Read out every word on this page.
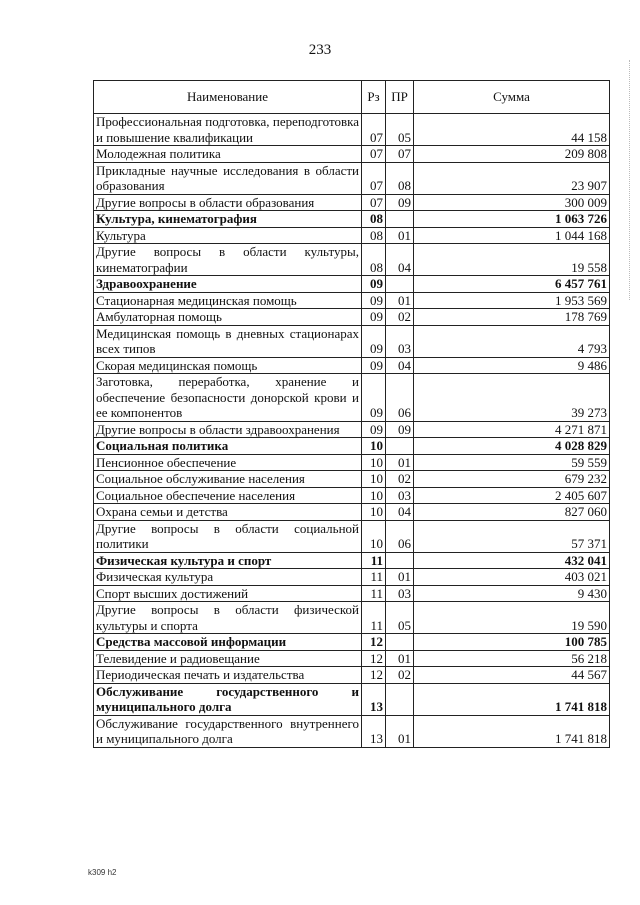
233
Наименование	Рз	ПР	Сумма
Профессиональная подготовка, переподготовка и повышение квалификации	07	05	44 158
Молодежная политика	07	07	209 808
Прикладные научные исследования в области образования	07	08	23 907
Другие вопросы в области образования	07	09	300 009
Культура, кинематография	08		1 063 726
Культура	08	01	1 044 168
Другие вопросы в области культуры, кинематографии	08	04	19 558
Здравоохранение	09		6 457 761
Стационарная медицинская помощь	09	01	1 953 569
Амбулаторная помощь	09	02	178 769
Медицинская помощь в дневных стационарах всех типов	09	03	4 793
Скорая медицинская помощь	09	04	9 486
Заготовка, переработка, хранение и обеспечение безопасности донорской крови и ее компонентов	09	06	39 273
Другие вопросы в области здравоохранения	09	09	4 271 871
Социальная политика	10		4 028 829
Пенсионное обеспечение	10	01	59 559
Социальное обслуживание населения	10	02	679 232
Социальное обеспечение населения	10	03	2 405 607
Охрана семьи и детства	10	04	827 060
Другие вопросы в области социальной политики	10	06	57 371
Физическая культура и спорт	11		432 041
Физическая культура	11	01	403 021
Спорт высших достижений	11	03	9 430
Другие вопросы в области физической культуры и спорта	11	05	19 590
Средства массовой информации	12		100 785
Телевидение и радиовещание	12	01	56 218
Периодическая печать и издательства	12	02	44 567
Обслуживание государственного и муниципального долга	13		1 741 818
Обслуживание государственного внутреннего и муниципального долга	13	01	1 741 818
k309 h2
